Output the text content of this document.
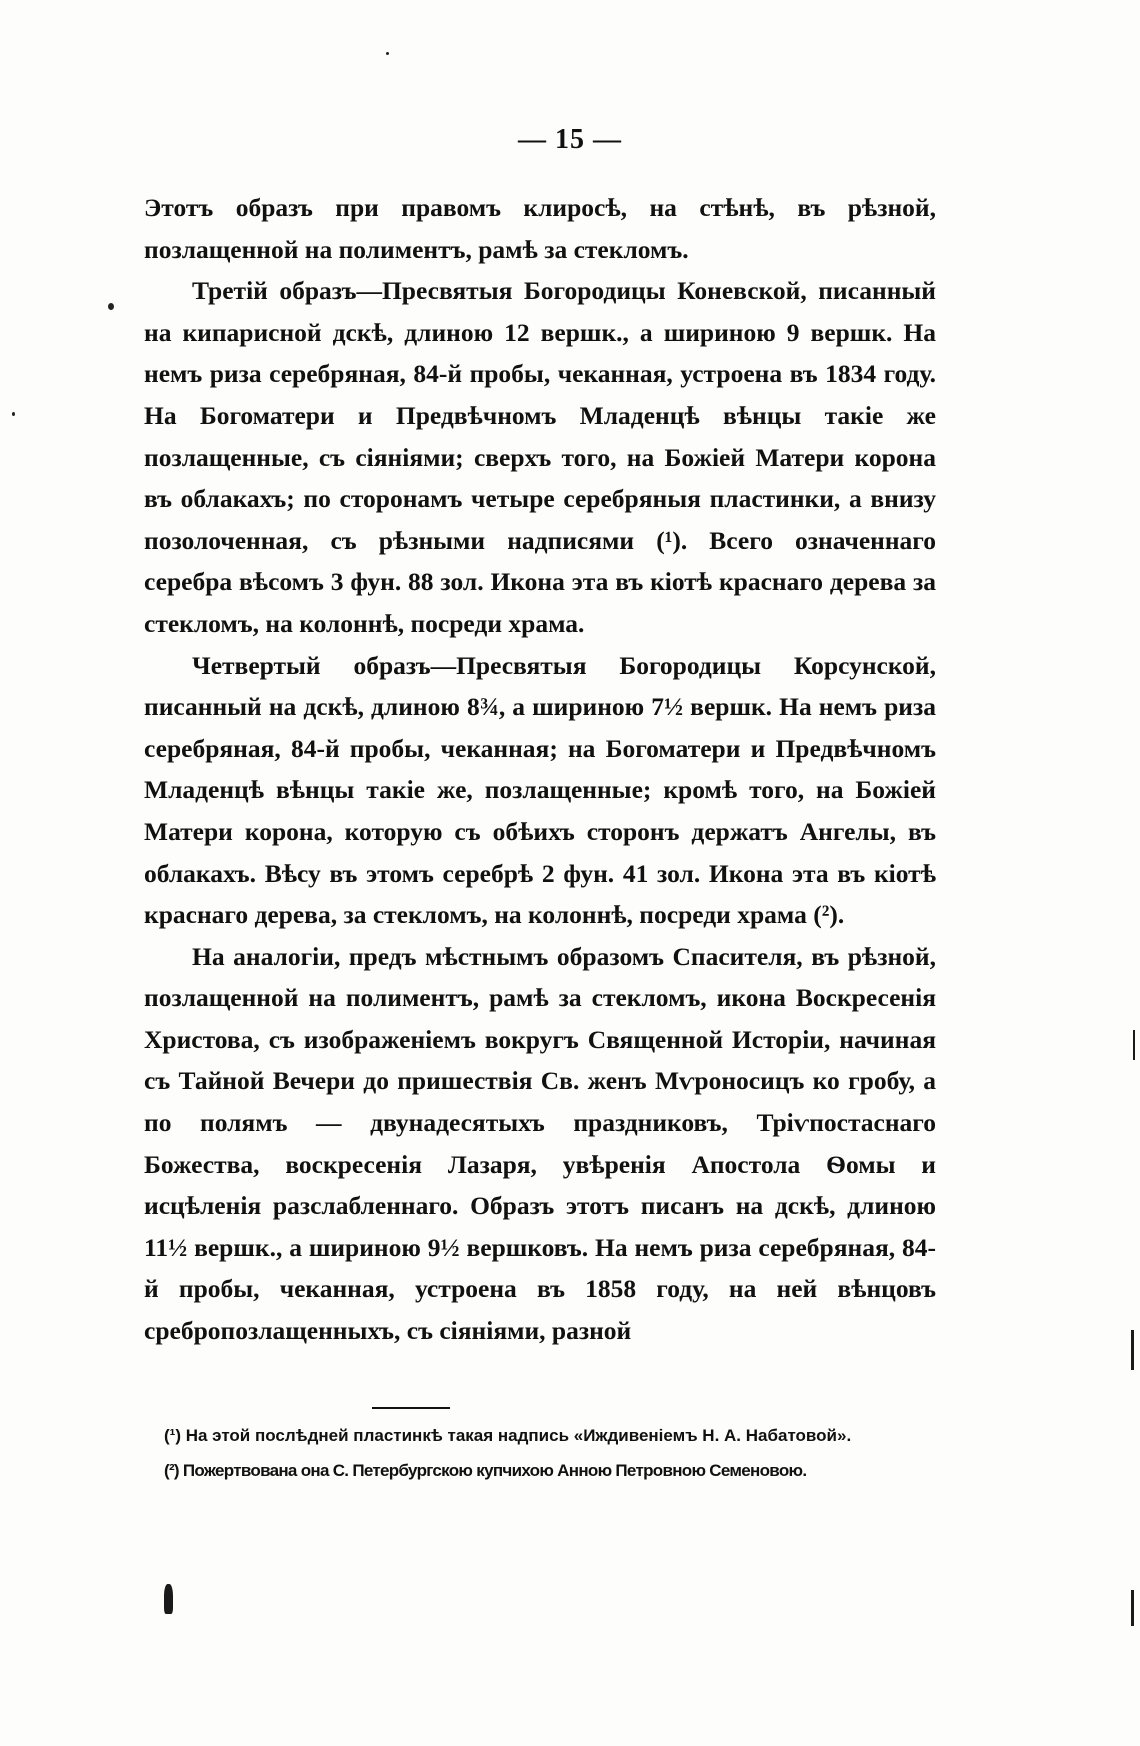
— 15 —

Этотъ образъ при правомъ клиросѣ, на стѣнѣ, въ рѣзной, позлащенной на полиментъ, рамѣ за стекломъ.

Третій образъ—Пресвятыя Богородицы Коневской, писанный на кипарисной дскѣ, длиною 12 вершк., а шириною 9 вершк. На немъ риза серебряная, 84-й пробы, чеканная, устроена въ 1834 году. На Богоматери и Предвѣчномъ Младенцѣ вѣнцы такіе же позлащенные, съ сіяніями; сверхъ того, на Божіей Матери корона въ облакахъ; по сторонамъ четыре серебряныя пластинки, а внизу позолоченная, съ рѣзными надписями (¹). Всего означеннаго серебра вѣсомъ 3 фун. 88 зол. Икона эта въ кіотѣ краснаго дерева за стекломъ, на колоннѣ, посреди храма.

Четвертый образъ—Пресвятыя Богородицы Корсунской, писанный на дскѣ, длиною 8¾, а шириною 7½ вершк. На немъ риза серебряная, 84-й пробы, чеканная; на Богоматери и Предвѣчномъ Младенцѣ вѣнцы такіе же, позлащенные; кромѣ того, на Божіей Матери корона, которую съ обѣихъ сторонъ держатъ Ангелы, въ облакахъ. Вѣсу въ этомъ серебрѣ 2 фун. 41 зол. Икона эта въ кіотѣ краснаго дерева, за стекломъ, на колоннѣ, посреди храма (²).

На аналогіи, предъ мѣстнымъ образомъ Спасителя, въ рѣзной, позлащенной на полиментъ, рамѣ за стекломъ, икона Воскресенія Христова, съ изображеніемъ вокругъ Священной Исторіи, начиная съ Тайной Вечери до пришествія Св. женъ Мѵроносицъ ко гробу, а по полямъ — двунадесятыхъ праздниковъ, Тріѵпостаснаго Божества, воскресенія Лазаря, увѣренія Апостола Ѳомы и исцѣленія разслабленнаго. Образъ этотъ писанъ на дскѣ, длиною 11½ вершк., а шириною 9½ вершковъ. На немъ риза серебряная, 84-й пробы, чеканная, устроена въ 1858 году, на ней вѣнцовъ сребропозлащенныхъ, съ сіяніями, разной

(¹) На этой послѣдней пластинкѣ такая надпись «Иждивеніемъ Н. А. Набатовой».

(²) Пожертвована она С. Петербургскою купчихою Анною Петровною Семеновою.
